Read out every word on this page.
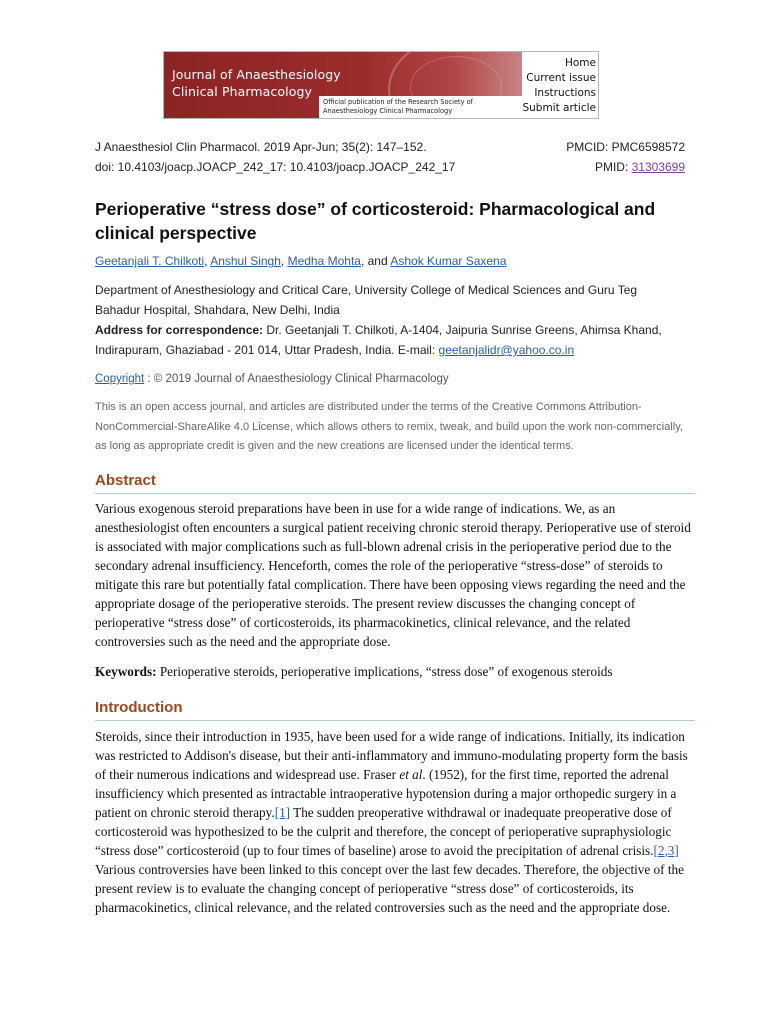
Journal of Anaesthesiology
Clinical Pharmacology
Official publication of the Research Society of
Anaesthesiology Clinical Pharmacology
Home
Current issue
Instructions
Submit article
J Anaesthesiol Clin Pharmacol. 2019 Apr-Jun; 35(2): 147–152.	PMCID: PMC6598572
doi: 10.4103/joacp.JOACP_242_17: 10.4103/joacp.JOACP_242_17	PMID: 31303699
Perioperative “stress dose” of corticosteroid: Pharmacological and clinical perspective
Geetanjali T. Chilkoti, Anshul Singh, Medha Mohta, and Ashok Kumar Saxena
Department of Anesthesiology and Critical Care, University College of Medical Sciences and Guru Teg Bahadur Hospital, Shahdara, New Delhi, India
Address for correspondence: Dr. Geetanjali T. Chilkoti, A-1404, Jaipuria Sunrise Greens, Ahimsa Khand, Indirapuram, Ghaziabad - 201 014, Uttar Pradesh, India. E-mail: geetanjalidr@yahoo.co.in
Copyright : © 2019 Journal of Anaesthesiology Clinical Pharmacology
This is an open access journal, and articles are distributed under the terms of the Creative Commons Attribution-NonCommercial-ShareAlike 4.0 License, which allows others to remix, tweak, and build upon the work non-commercially, as long as appropriate credit is given and the new creations are licensed under the identical terms.
Abstract

Various exogenous steroid preparations have been in use for a wide range of indications. We, as an anesthesiologist often encounters a surgical patient receiving chronic steroid therapy. Perioperative use of steroid is associated with major complications such as full-blown adrenal crisis in the perioperative period due to the secondary adrenal insufficiency. Henceforth, comes the role of the perioperative “stress-dose” of steroids to mitigate this rare but potentially fatal complication. There have been opposing views regarding the need and the appropriate dosage of the perioperative steroids. The present review discusses the changing concept of perioperative “stress dose” of corticosteroids, its pharmacokinetics, clinical relevance, and the related controversies such as the need and the appropriate dose.

Keywords: Perioperative steroids, perioperative implications, “stress dose” of exogenous steroids

Introduction

Steroids, since their introduction in 1935, have been used for a wide range of indications. Initially, its indication was restricted to Addison's disease, but their anti-inflammatory and immuno-modulating property form the basis of their numerous indications and widespread use. Fraser et al. (1952), for the first time, reported the adrenal insufficiency which presented as intractable intraoperative hypotension during a major orthopedic surgery in a patient on chronic steroid therapy.[1] The sudden preoperative withdrawal or inadequate preoperative dose of corticosteroid was hypothesized to be the culprit and therefore, the concept of perioperative supraphysiologic “stress dose” corticosteroid (up to four times of baseline) arose to avoid the precipitation of adrenal crisis.[2,3] Various controversies have been linked to this concept over the last few decades. Therefore, the objective of the present review is to evaluate the changing concept of perioperative “stress dose” of corticosteroids, its pharmacokinetics, clinical relevance, and the related controversies such as the need and the appropriate dose.
